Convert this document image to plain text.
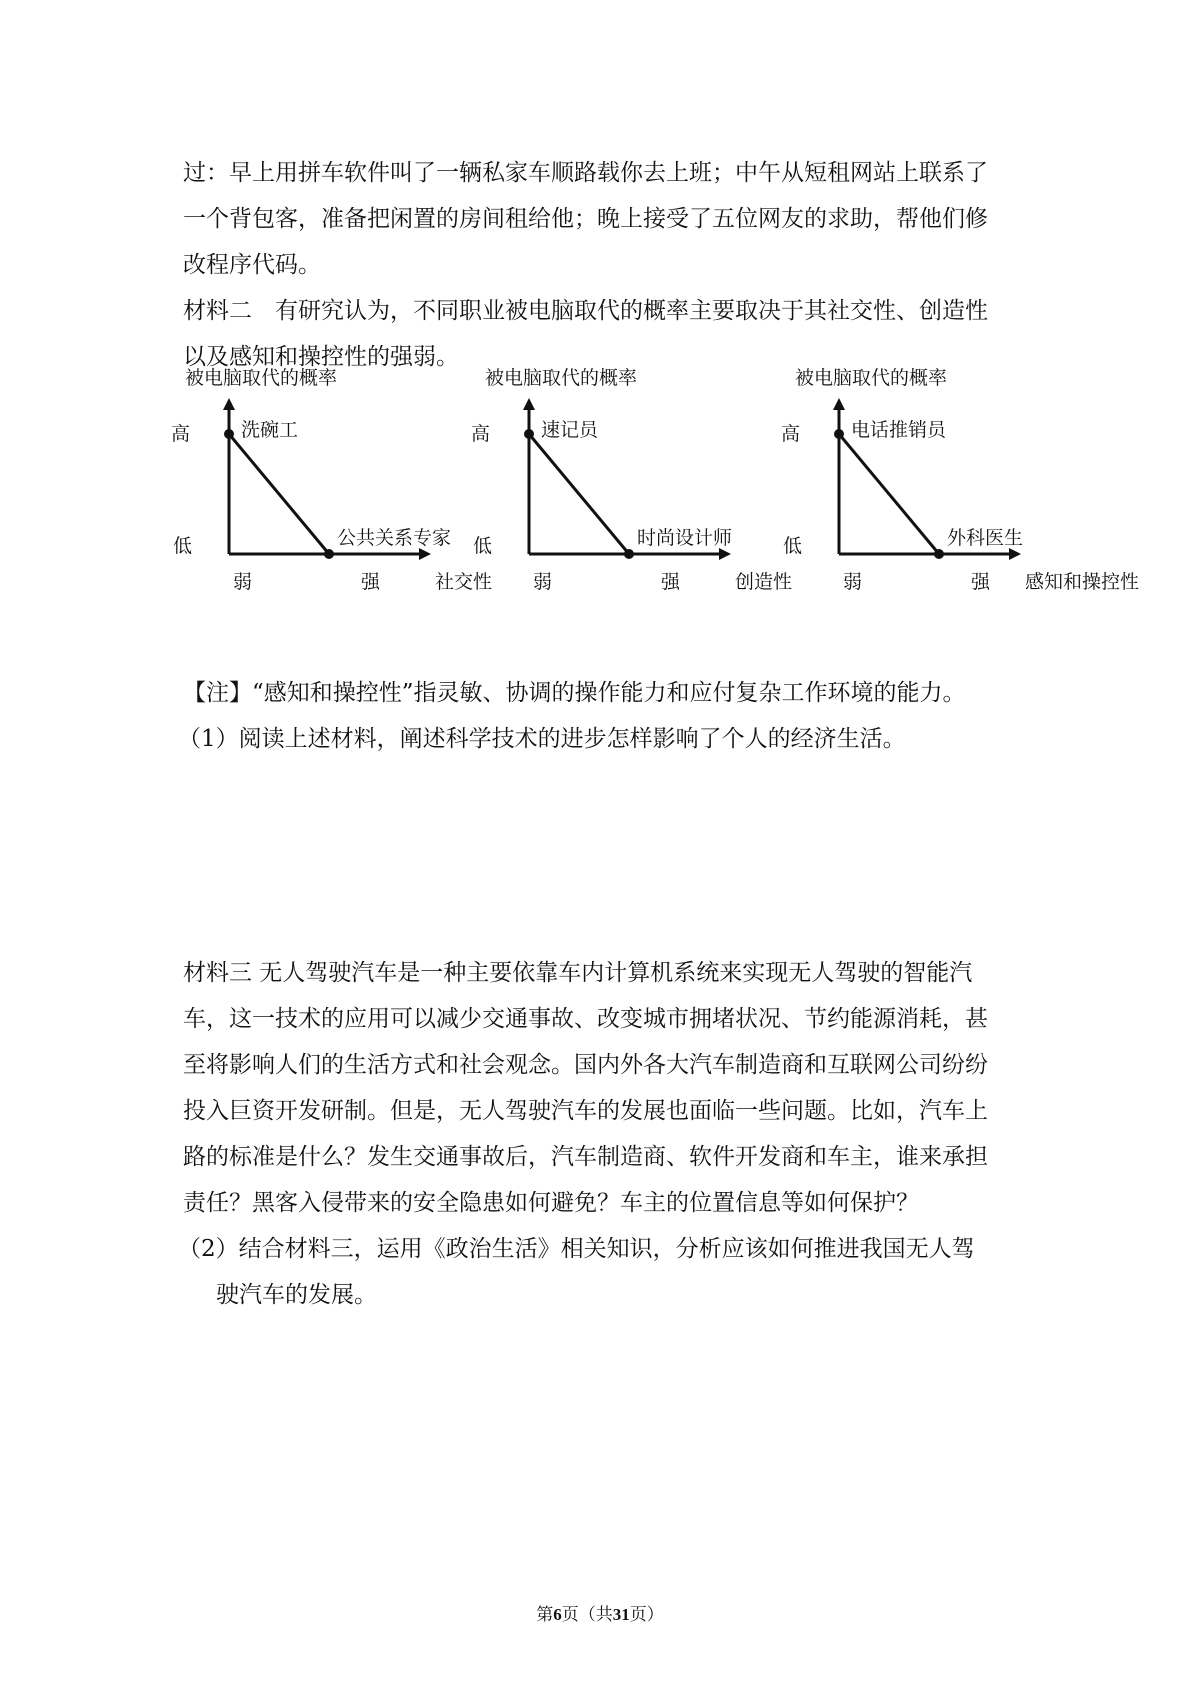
过：早上用拼车软件叫了一辆私家车顺路载你去上班；中午从短租网站上联系了
一个背包客，准备把闲置的房间租给他；晚上接受了五位网友的求助，帮他们修
改程序代码。
材料二　有研究认为，不同职业被电脑取代的概率主要取决于其社交性、创造性
以及感知和操控性的强弱。
被电脑取代的概率
社交性
高
低
弱	强
洗碗工
公共关系专家
被电脑取代的概率
创造性
高
低
弱	强
速记员
时尚设计师
被电脑取代的概率
感知和操控性
高
低
弱	强
电话推销员
外科医生
【注】“感知和操控性”指灵敏、协调的操作能力和应付复杂工作环境的能力。
（1）阅读上述材料，阐述科学技术的进步怎样影响了个人的经济生活。
材料三 无人驾驶汽车是一种主要依靠车内计算机系统来实现无人驾驶的智能汽
车，这一技术的应用可以减少交通事故、改变城市拥堵状况、节约能源消耗，甚
至将影响人们的生活方式和社会观念。国内外各大汽车制造商和互联网公司纷纷
投入巨资开发研制。但是，无人驾驶汽车的发展也面临一些问题。比如，汽车上
路的标准是什么？发生交通事故后，汽车制造商、软件开发商和车主，谁来承担
责任？黑客入侵带来的安全隐患如何避免？车主的位置信息等如何保护？
（2）结合材料三，运用《政治生活》相关知识，分析应该如何推进我国无人驾
驶汽车的发展。
第6页（共31页）
